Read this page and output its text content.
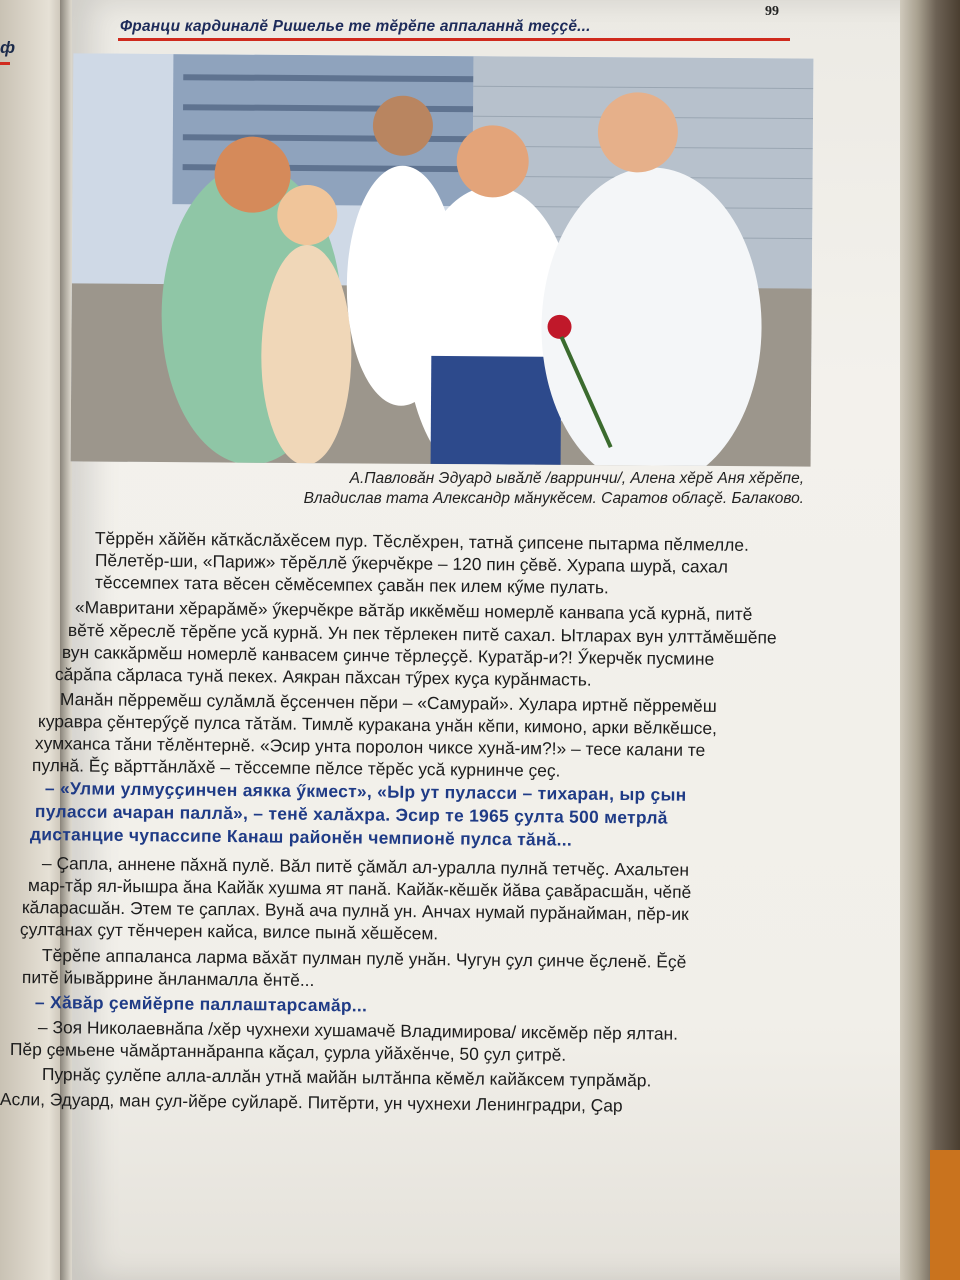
ф
99
Франци кардиналӗ Ришелье те тӗрӗпе аппаланнӑ теҫҫӗ...
А.Павловӑн Эдуард ывӑлӗ /варринчи/, Алена хӗрӗ Аня хӗрӗпе,
Владислав тата Александр мӑнукӗсем. Саратов облаҫӗ. Балаково.
Тӗррӗн хӑйӗн кӑткӑслӑхӗсем пур. Тӗслӗхрен, татнӑ ҫипсене пытарма пӗлмелле.
Пӗлетӗр-ши, «Париж» тӗрӗллӗ ӳкерчӗкре – 120 пин ҫӗвӗ. Хурапа шурӑ, сахал
тӗссемпех тата вӗсен сӗмӗсемпех ҫавӑн пек илем кӳме пулать.
«Мавритани хӗрарӑмӗ» ӳкерчӗкре вӑтӑр иккӗмӗш номерлӗ канвапа усӑ курнӑ, питӗ
вӗтӗ хӗреслӗ тӗрӗпе усӑ курнӑ. Ун пек тӗрлекен питӗ сахал. Ытларах вун улттӑмӗшӗпе
вун саккӑрмӗш номерлӗ канвасем ҫинче тӗрлеҫҫӗ. Куратӑр-и?! Ӳкерчӗк пусмине
сӑрӑпа сӑрласа тунӑ пекех. Аякран пӑхсан тӳрех куҫа курӑнмасть.
Манӑн пӗрремӗш сулӑмлӑ ӗҫсенчен пӗри – «Самурай». Хулара иртнӗ пӗрремӗш
куравра ҫӗнтерӳҫӗ пулса тӑтӑм. Тимлӗ куракана унӑн кӗпи, кимоно, арки вӗлкӗшсе,
хумханса тӑни тӗлӗнтернӗ. «Эсир унта поролон чиксе хунӑ-им?!» – тесе калани те
пулнӑ. Ӗҫ вӑрттӑнлӑхӗ – тӗссемпе пӗлсе тӗрӗс усӑ курнинче ҫеҫ.
– «Улми улмуҫҫинчен аякка ӳкмест», «Ыр ут пуласси – тихаран, ыр ҫын
пуласси ачаран паллӑ», – тенӗ халӑхра. Эсир те 1965 ҫулта 500 метрлӑ
дистанцие чупассипе Канаш районӗн чемпионӗ пулса тӑнӑ...
– Ҫапла, аннене пӑхнӑ пулӗ. Вӑл питӗ ҫӑмӑл ал-уралла пулнӑ тетчӗҫ. Ахальтен
мар-тӑр ял-йышра ӑна Кайӑк хушма ят панӑ. Кайӑк-кӗшӗк йӑва ҫавӑрасшӑн, чӗпӗ
кӑларасшӑн. Этем те ҫаплах. Вунӑ ача пулнӑ ун. Анчах нумай пурӑнайман, пӗр-ик
ҫултанах ҫут тӗнчерен кайса, вилсе пынӑ хӗшӗсем.
Тӗрӗпе аппаланса ларма вӑхӑт пулман пулӗ унӑн. Чугун ҫул ҫинче ӗҫленӗ. Ӗҫӗ
питӗ йывӑррине ӑнланмалла ӗнтӗ...
– Хӑвӑр ҫемйӗрпе паллаштарсамӑр...
– Зоя Николаевнӑпа /хӗр чухнехи хушамачӗ Владимирова/ иксӗмӗр пӗр ялтан.
Пӗр ҫемьене чӑмӑртаннӑранпа кӑҫал, ҫурла уйӑхӗнче, 50 ҫул ҫитрӗ.
Пурнӑҫ ҫулӗпе алла-аллӑн утнӑ майӑн ылтӑнпа кӗмӗл кайӑксем тупрӑмӑр.
Асли, Эдуард, ман ҫул-йӗре суйларӗ. Питӗрти, ун чухнехи Ленинградри, Ҫар
